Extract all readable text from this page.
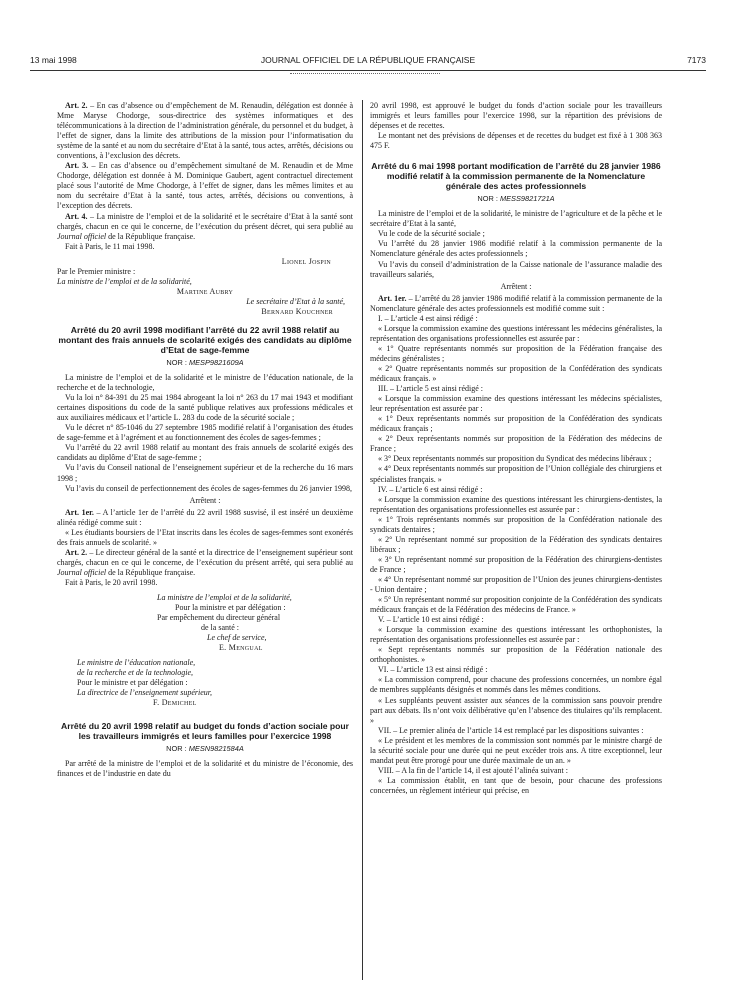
13 mai 1998	JOURNAL OFFICIEL DE LA RÉPUBLIQUE FRANÇAISE	7173

Art. 2. – En cas d’absence ou d’empêchement de M. Renaudin, délégation est donnée à Mme Maryse Chodorge, sous-directrice des systèmes informatiques et des télécommunications à la direction de l’administration générale, du personnel et du budget, à l’effet de signer, dans la limite des attributions de la mission pour l’informatisation du système de la santé et au nom du secrétaire d’Etat à la santé, tous actes, arrêtés, décisions ou conventions, à l’exclusion des décrets.

Art. 3. – En cas d’absence ou d’empêchement simultané de M. Renaudin et de Mme Chodorge, délégation est donnée à M. Dominique Gaubert, agent contractuel directement placé sous l’autorité de Mme Chodorge, à l’effet de signer, dans les mêmes limites et au nom du secrétaire d’Etat à la santé, tous actes, arrêtés, décisions ou conventions, à l’exception des décrets.

Art. 4. – La ministre de l’emploi et de la solidarité et le secrétaire d’Etat à la santé sont chargés, chacun en ce qui le concerne, de l’exécution du présent décret, qui sera publié au Journal officiel de la République française.

Fait à Paris, le 11 mai 1998.

Lionel Jospin

Par le Premier ministre :

La ministre de l’emploi et de la solidarité,

Martine Aubry

Le secrétaire d’Etat à la santé,

Bernard Kouchner

Arrêté du 20 avril 1998 modifiant l’arrêté du 22 avril 1988 relatif au montant des frais annuels de scolarité exigés des candidats au diplôme d’Etat de sage-femme
NOR : MESP9821609A

La ministre de l’emploi et de la solidarité et le ministre de l’éducation nationale, de la recherche et de la technologie,

Vu la loi n° 84-391 du 25 mai 1984 abrogeant la loi n° 263 du 17 mai 1943 et modifiant certaines dispositions du code de la santé publique relatives aux professions médicales et aux auxiliaires médicaux et l’article L. 283 du code de la sécurité sociale ;

Vu le décret n° 85-1046 du 27 septembre 1985 modifié relatif à l’organisation des études de sage-femme et à l’agrément et au fonctionnement des écoles de sages-femmes ;

Vu l’arrêté du 22 avril 1988 relatif au montant des frais annuels de scolarité exigés des candidats au diplôme d’Etat de sage-femme ;

Vu l’avis du Conseil national de l’enseignement supérieur et de la recherche du 16 mars 1998 ;

Vu l’avis du conseil de perfectionnement des écoles de sages-femmes du 26 janvier 1998,

Arrêtent :

Art. 1er. – A l’article 1er de l’arrêté du 22 avril 1988 susvisé, il est inséré un deuxième alinéa rédigé comme suit :

« Les étudiants boursiers de l’Etat inscrits dans les écoles de sages-femmes sont exonérés des frais annuels de scolarité. »

Art. 2. – Le directeur général de la santé et la directrice de l’enseignement supérieur sont chargés, chacun en ce qui le concerne, de l’exécution du présent arrêté, qui sera publié au Journal officiel de la République française.

Fait à Paris, le 20 avril 1998.

La ministre de l’emploi et de la solidarité,

Pour la ministre et par délégation :

Par empêchement du directeur général

de la santé :

Le chef de service,

E. Mengual

Le ministre de l’éducation nationale,

de la recherche et de la technologie,

Pour le ministre et par délégation :

La directrice de l’enseignement supérieur,

F. Demichel

Arrêté du 20 avril 1998 relatif au budget du fonds d’action sociale pour les travailleurs immigrés et leurs familles pour l’exercice 1998
NOR : MESN9821584A

Par arrêté de la ministre de l’emploi et de la solidarité et du ministre de l’économie, des finances et de l’industrie en date du

20 avril 1998, est approuvé le budget du fonds d’action sociale pour les travailleurs immigrés et leurs familles pour l’exercice 1998, sur la répartition des prévisions de dépenses et de recettes.

Le montant net des prévisions de dépenses et de recettes du budget est fixé à 1 308 363 475 F.

Arrêté du 6 mai 1998 portant modification de l’arrêté du 28 janvier 1986 modifié relatif à la commission permanente de la Nomenclature générale des actes professionnels
NOR : MESS9821721A

La ministre de l’emploi et de la solidarité, le ministre de l’agriculture et de la pêche et le secrétaire d’Etat à la santé,

Vu le code de la sécurité sociale ;

Vu l’arrêté du 28 janvier 1986 modifié relatif à la commission permanente de la Nomenclature générale des actes professionnels ;

Vu l’avis du conseil d’administration de la Caisse nationale de l’assurance maladie des travailleurs salariés,

Arrêtent :

Art. 1er. – L’arrêté du 28 janvier 1986 modifié relatif à la commission permanente de la Nomenclature générale des actes professionnels est modifié comme suit :

I. – L’article 4 est ainsi rédigé :

« Lorsque la commission examine des questions intéressant les médecins généralistes, la représentation des organisations professionnelles est assurée par :

« 1° Quatre représentants nommés sur proposition de la Fédération française des médecins généralistes ;

« 2° Quatre représentants nommés sur proposition de la Confédération des syndicats médicaux français. »

III. – L’article 5 est ainsi rédigé :

« Lorsque la commission examine des questions intéressant les médecins spécialistes, leur représentation est assurée par :

« 1° Deux représentants nommés sur proposition de la Confédération des syndicats médicaux français ;

« 2° Deux représentants nommés sur proposition de la Fédération des médecins de France ;

« 3° Deux représentants nommés sur proposition du Syndicat des médecins libéraux ;

« 4° Deux représentants nommés sur proposition de l’Union collégiale des chirurgiens et spécialistes français. »

IV. – L’article 6 est ainsi rédigé :

« Lorsque la commission examine des questions intéressant les chirurgiens-dentistes, la représentation des organisations professionnelles est assurée par :

« 1° Trois représentants nommés sur proposition de la Confédération nationale des syndicats dentaires ;

« 2° Un représentant nommé sur proposition de la Fédération des syndicats dentaires libéraux ;

« 3° Un représentant nommé sur proposition de la Fédération des chirurgiens-dentistes de France ;

« 4° Un représentant nommé sur proposition de l’Union des jeunes chirurgiens-dentistes - Union dentaire ;

« 5° Un représentant nommé sur proposition conjointe de la Confédération des syndicats médicaux français et de la Fédération des médecins de France. »

V. – L’article 10 est ainsi rédigé :

« Lorsque la commission examine des questions intéressant les orthophonistes, la représentation des organisations professionnelles est assurée par :

« Sept représentants nommés sur proposition de la Fédération nationale des orthophonistes. »

VI. – L’article 13 est ainsi rédigé :

« La commission comprend, pour chacune des professions concernées, un nombre égal de membres suppléants désignés et nommés dans les mêmes conditions.

« Les suppléants peuvent assister aux séances de la commission sans pouvoir prendre part aux débats. Ils n’ont voix délibérative qu’en l’absence des titulaires qu’ils remplacent. »

VII. – Le premier alinéa de l’article 14 est remplacé par les dispositions suivantes :

« Le président et les membres de la commission sont nommés par le ministre chargé de la sécurité sociale pour une durée qui ne peut excéder trois ans. A titre exceptionnel, leur mandat peut être prorogé pour une durée maximale de un an. »

VIII. – A la fin de l’article 14, il est ajouté l’alinéa suivant :

« La commission établit, en tant que de besoin, pour chacune des professions concernées, un règlement intérieur qui précise, en
